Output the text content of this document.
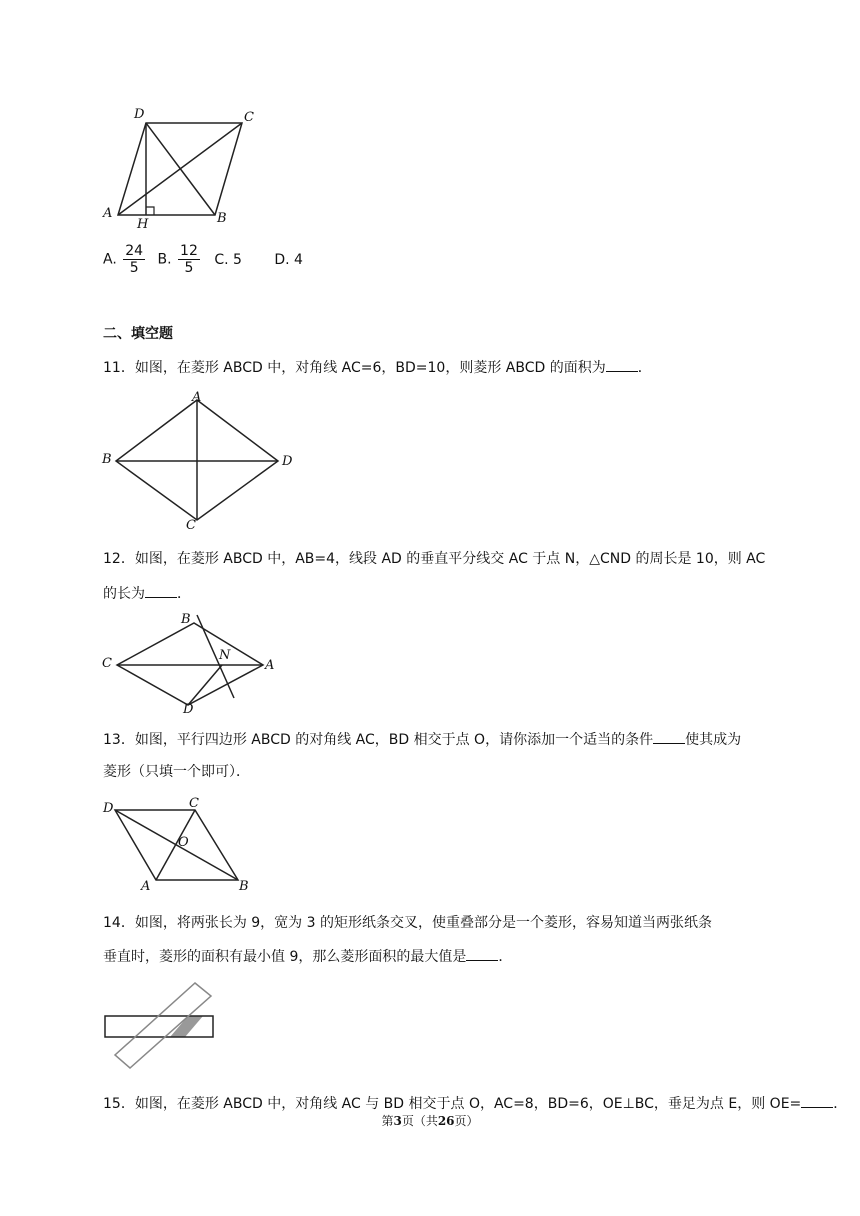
D	C
A
H	B
A. $\frac{24}{5} B$. $\frac{12}{5} C$. 5 D. 4
二、填空题
11．如图，在菱形 ABCD 中，对角线 AC=6，BD=10，则菱形 ABCD 的面积为 ．
A
B	D
C
12．如图，在菱形 ABCD 中，AB=4，线段 AD 的垂直平分线交 AC 于点 N，△CND 的周长是 10，则 AC
的长为 ．
B
C
N
A
D
13．如图，平行四边形 ABCD 的对角线 AC，BD 相交于点 O，请你添加一个适当的条件 使其成为
菱形（只填一个即可）．
D	C
O
A	B
14．如图，将两张长为 9，宽为 3 的矩形纸条交叉，使重叠部分是一个菱形，容易知道当两张纸条
垂直时，菱形的面积有最小值 9，那么菱形面积的最大值是 ．
15．如图，在菱形 ABCD 中，对角线 AC 与 BD 相交于点 O，AC=8，BD=6，OE⊥BC，垂足为点 E，则 OE= ．
第3页（共26页）
